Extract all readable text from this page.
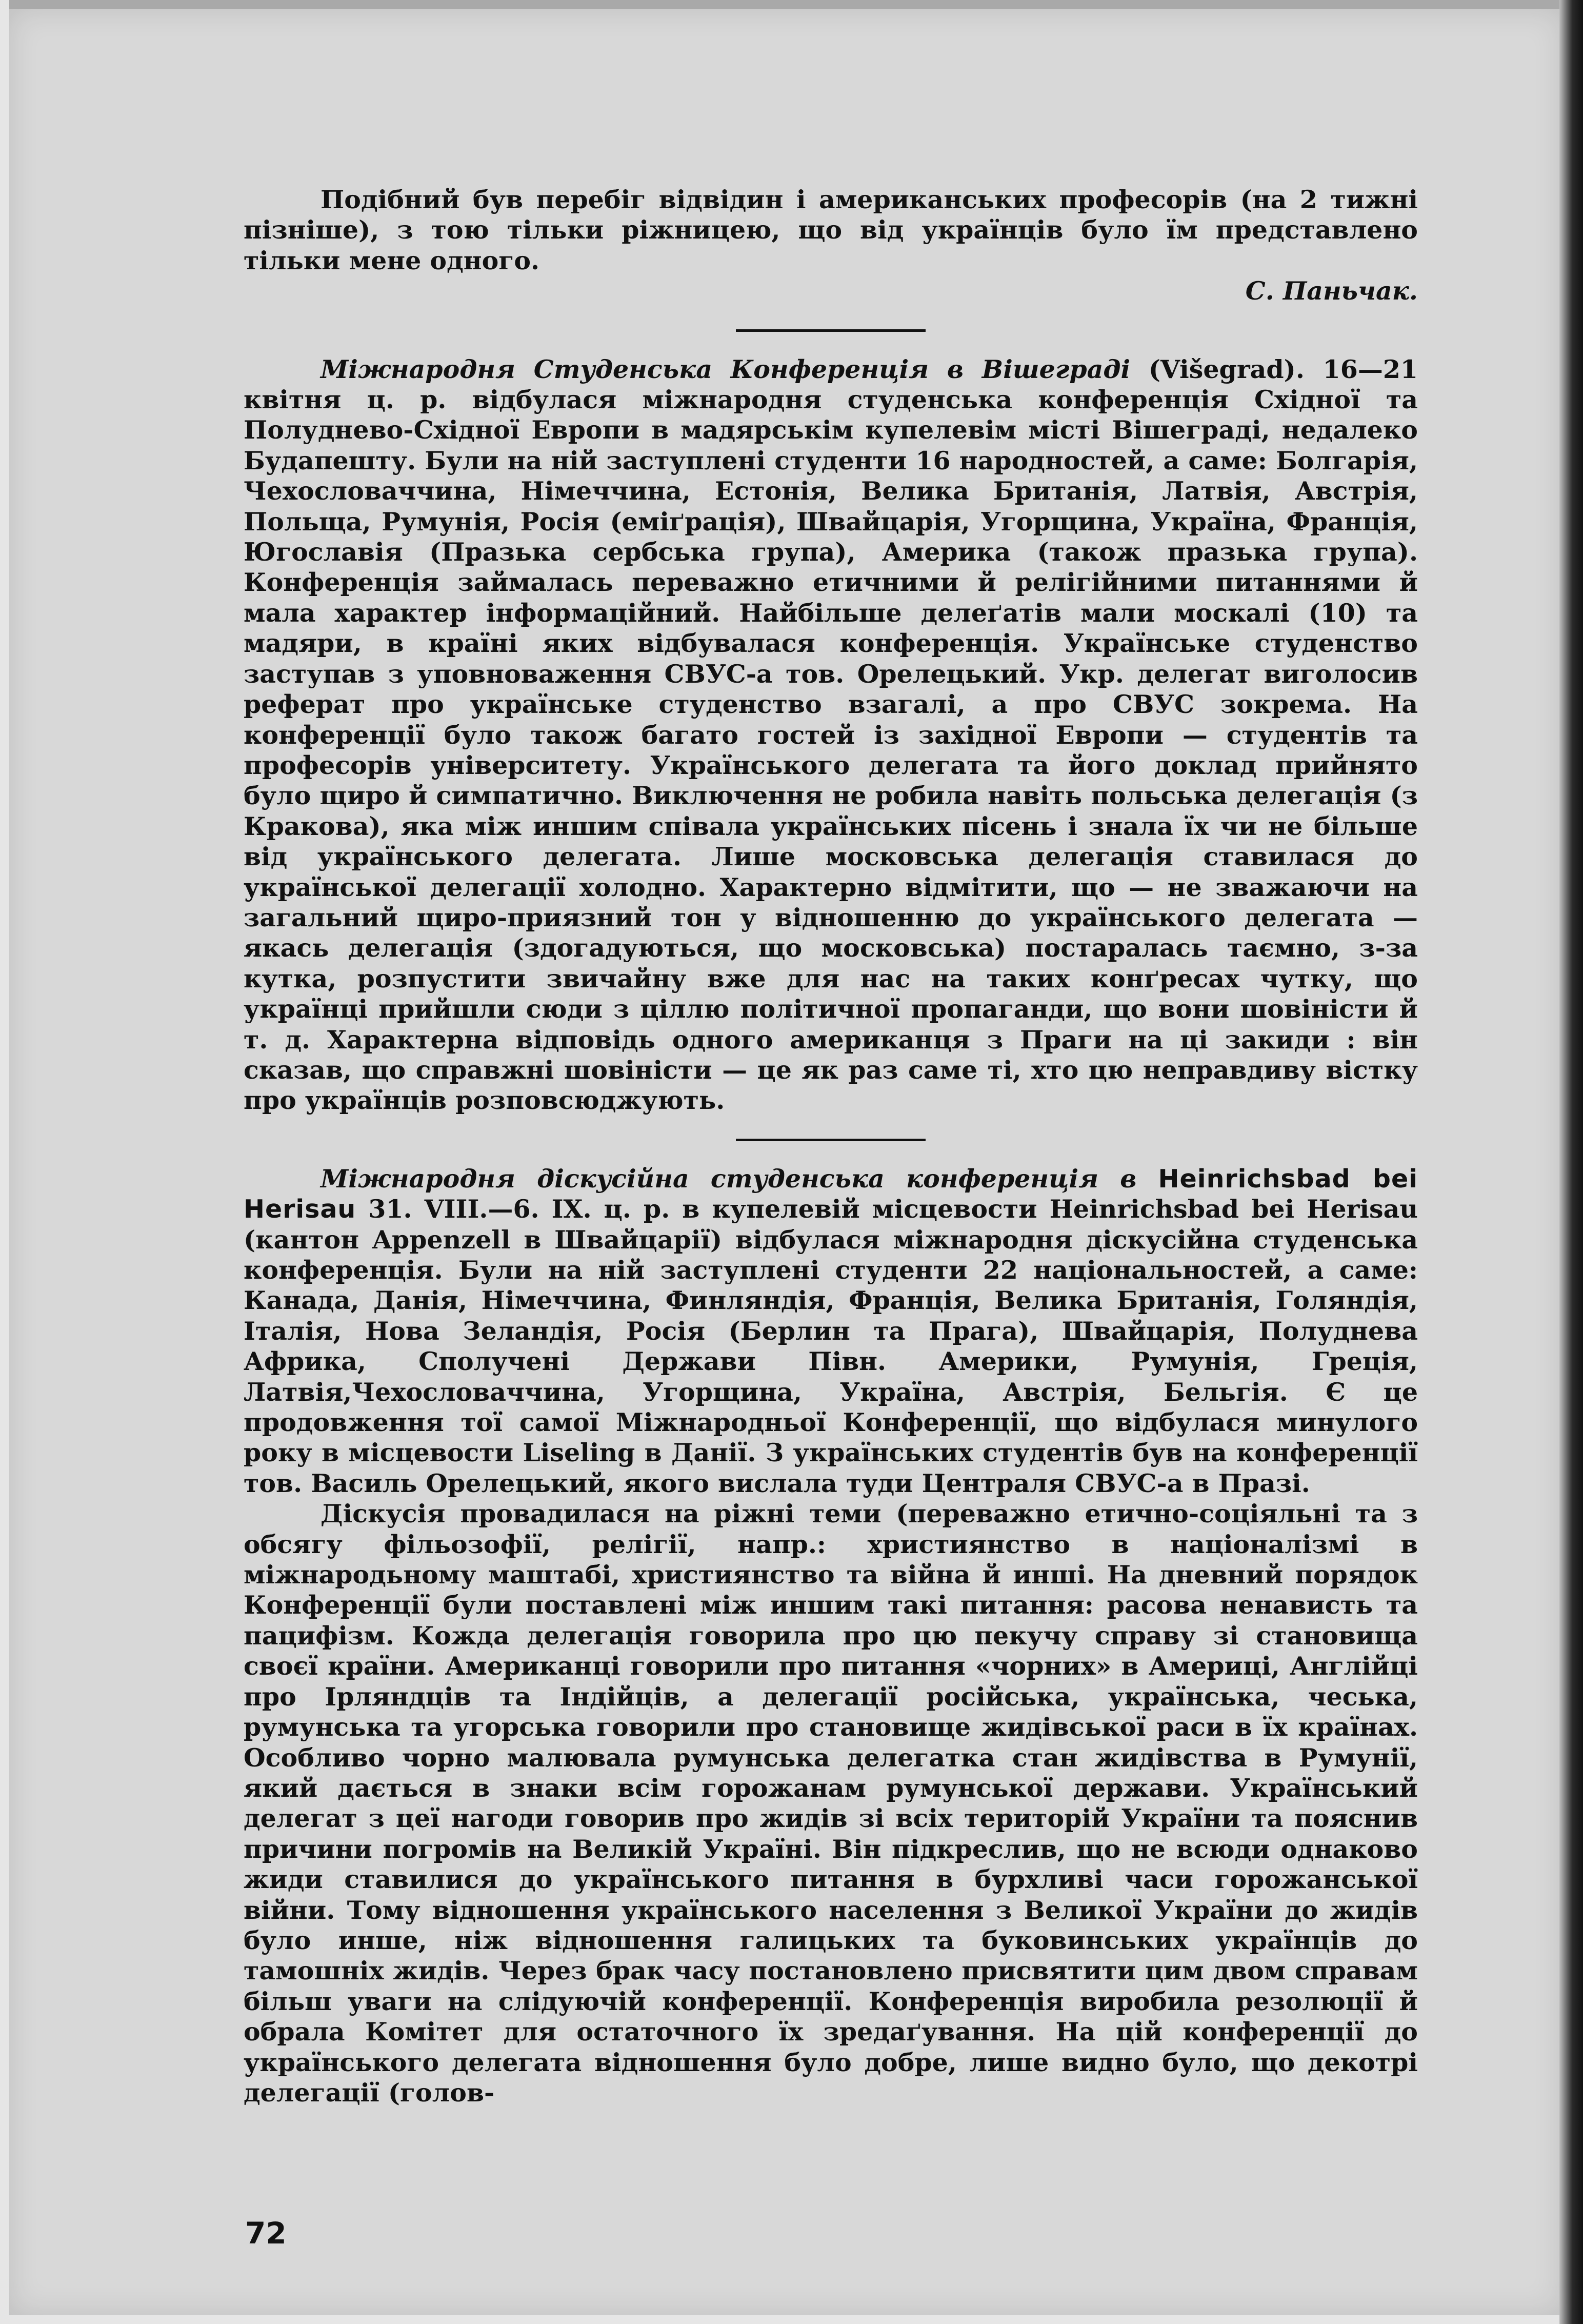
Подібний був перебіг відвідин і американських професорів (на 2 тижні пізніше), з тою тільки ріжницею, що від українців було їм представлено тільки мене одного.

С. Паньчак.

Міжнародня Студенська Конференція в Вішеграді (Višegrad). 16—21 квітня ц. р. відбулася міжнародня студенська конференція Східної та Полуднево-Східної Европи в мадярськім купелевім місті Вішеграді, недалеко Будапешту. Були на ній заступлені студенти 16 народностей, а саме: Болгарія, Чехословаччина, Німеччина, Естонія, Велика Британія, Латвія, Австрія, Польща, Румунія, Росія (еміґрація), Швайцарія, Угорщина, Україна, Франція, Югославія (Празька сербська група), Америка (також празька група). Конференція займалась переважно етичними й релігійними питаннями й мала характер інформаційний. Найбільше делеґатів мали москалі (10) та мадяри, в країні яких відбувалася конференція. Українське студенство заступав з уповноваження СВУС-а тов. Орелецький. Укр. делегат виголосив реферат про українське студенство взагалі, а про СВУС зокрема. На конференції було також багато гостей із західної Европи — студентів та професорів університету. Українського делегата та його доклад прийнято було щиро й симпатично. Виключення не робила навіть польська делегація (з Кракова), яка між иншим співала українських пісень і знала їх чи не більше від українського делегата. Лише московська делегація ставилася до української делегації холодно. Характерно відмітити, що — не зважаючи на загальний щиро-приязний тон у відношенню до українського делегата — якась делегація (здогадуються, що московська) постаралась таємно, з-за кутка, розпустити звичайну вже для нас на таких конґресах чутку, що українці прийшли сюди з ціллю політичної пропаганди, що вони шовіністи й т. д. Характерна відповідь одного американця з Праги на ці закиди : він сказав, що справжні шовіністи — це як раз саме ті, хто цю неправдиву вістку про українців розповсюджують.

Міжнародня діскусійна студенська конференція в Heinrichsbad bei Herisau 31. VIII.—6. IX. ц. р. в купелевій місцевости Heinrichsbad bei Herisau (кантон Appenzell в Швайцарії) відбулася міжнародня діскусійна студенська конференція. Були на ній заступлені студенти 22 національностей, а саме: Канада, Данія, Німеччина, Финляндія, Франція, Велика Британія, Голяндія, Італія, Нова Зеландія, Росія (Берлин та Прага), Швайцарія, Полуднева Африка, Сполучені Держави Півн. Америки, Румунія, Греція, Латвія,Чехословаччина, Угорщина, Україна, Австрія, Бельгія. Є це продовження тої самої Міжнародньої Конференції, що відбулася минулого року в місцевости Liseling в Данії. З українських студентів був на конференції тов. Василь Орелецький, якого вислала туди Централя СВУС-а в Празі.

Діскусія провадилася на ріжні теми (переважно етично-соціяльні та з обсягу фільозофії, релігії, напр.: християнство в націоналізмі в міжнародьному маштабі, християнство та війна й инші. На дневний порядок Конференції були поставлені між иншим такі питання: расова ненависть та пацифізм. Кожда делегація говорила про цю пекучу справу зі становища своєї країни. Американці говорили про питання «чорних» в Америці, Англійці про Ірляндців та Індійців, а делегації російська, українська, чеська, румунська та угорська говорили про становище жидівської раси в їх країнах. Особливо чорно малювала румунська делегатка стан жидівства в Румунії, який дається в знаки всім горожанам румунської держави. Український делегат з цеї нагоди говорив про жидів зі всіх територій України та пояснив причини погромів на Великій Україні. Він підкреслив, що не всюди однаково жиди ставилися до українського питання в бурхливі часи горожанської війни. Тому відношення українського населення з Великої України до жидів було инше, ніж відношення галицьких та буковинських українців до тамошніх жидів. Через брак часу постановлено присвятити цим двом справам більш уваги на слідуючій конференції. Конференція виробила резолюції й обрала Комітет для остаточного їх зредаґування. На цій конференції до українського делегата відношення було добре, лише видно було, що декотрі делегації (голов-

72
